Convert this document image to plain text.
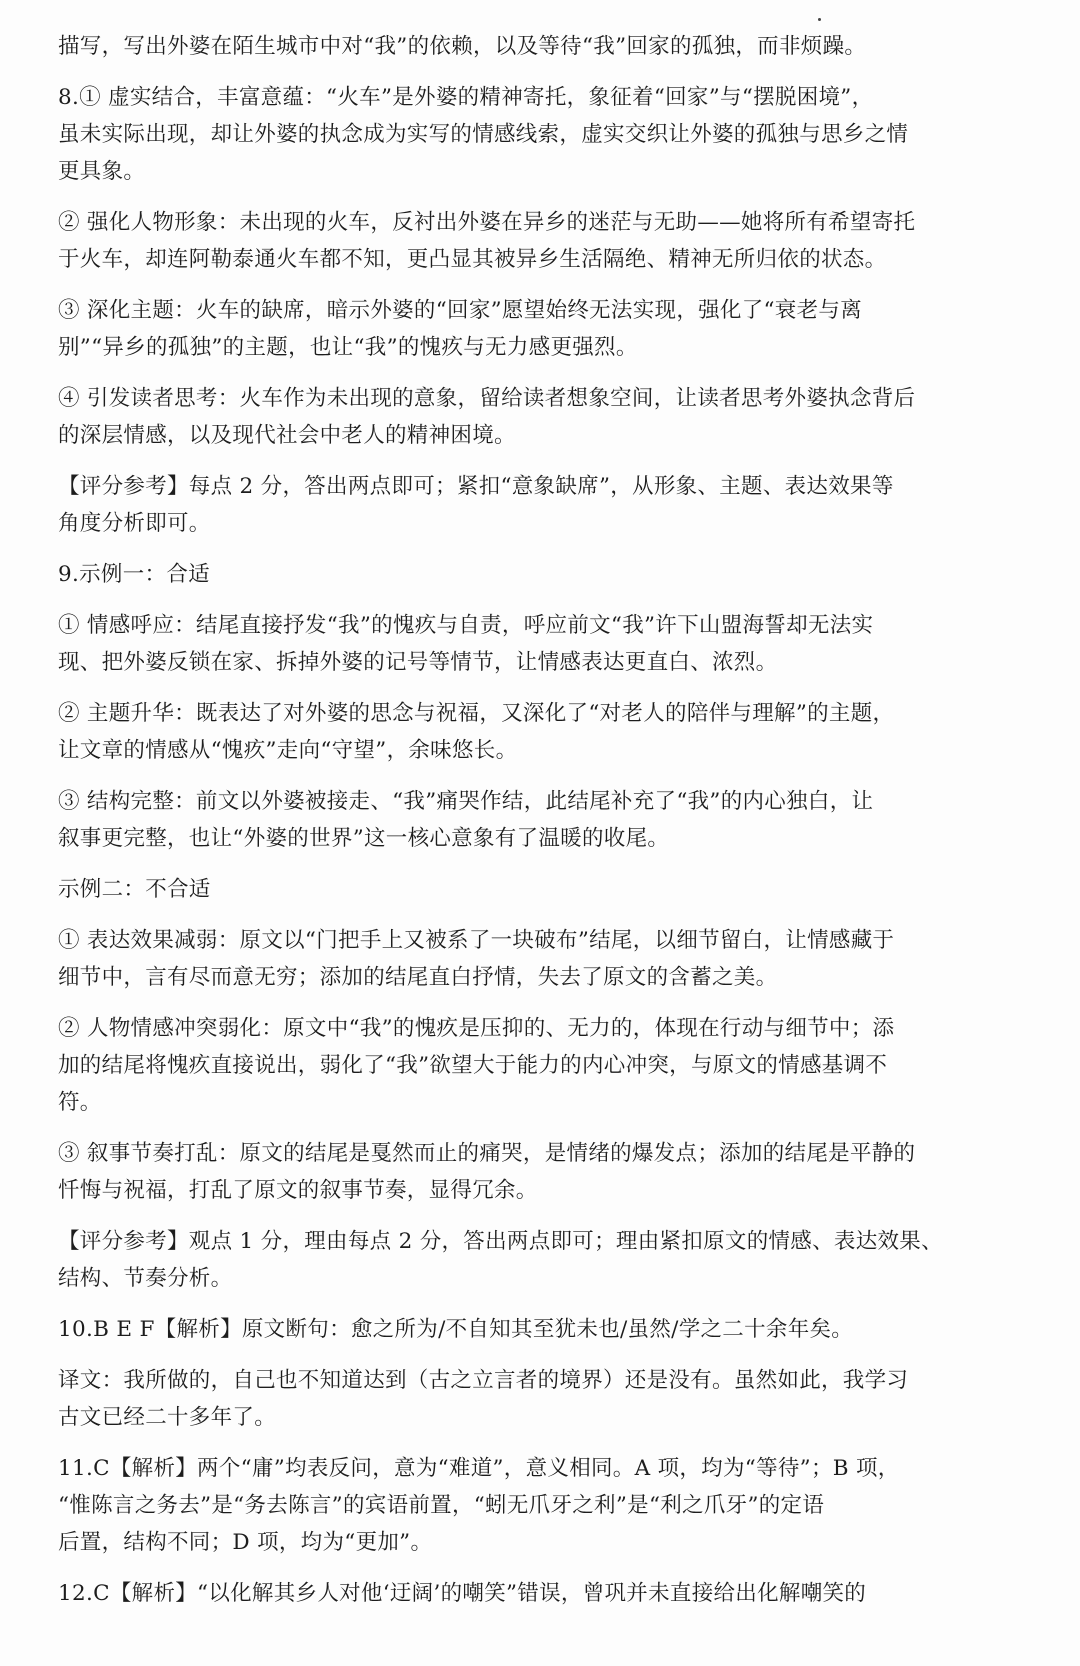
描写，写出外婆在陌生城市中对“我”的依赖，以及等待“我”回家的孤独，而非烦躁。

8.① 虚实结合，丰富意蕴：“火车”是外婆的精神寄托，象征着“回家”与“摆脱困境”，
虽未实际出现，却让外婆的执念成为实写的情感线索，虚实交织让外婆的孤独与思乡之情
更具象。

② 强化人物形象：未出现的火车，反衬出外婆在异乡的迷茫与无助——她将所有希望寄托
于火车，却连阿勒泰通火车都不知，更凸显其被异乡生活隔绝、精神无所归依的状态。

③ 深化主题：火车的缺席，暗示外婆的“回家”愿望始终无法实现，强化了“衰老与离
别”“异乡的孤独”的主题，也让“我”的愧疚与无力感更强烈。

④ 引发读者思考：火车作为未出现的意象，留给读者想象空间，让读者思考外婆执念背后
的深层情感，以及现代社会中老人的精神困境。

【评分参考】每点 2 分，答出两点即可；紧扣“意象缺席”，从形象、主题、表达效果等
角度分析即可。

9.示例一：合适

① 情感呼应：结尾直接抒发“我”的愧疚与自责，呼应前文“我”许下山盟海誓却无法实
现、把外婆反锁在家、拆掉外婆的记号等情节，让情感表达更直白、浓烈。

② 主题升华：既表达了对外婆的思念与祝福，又深化了“对老人的陪伴与理解”的主题，
让文章的情感从“愧疚”走向“守望”，余味悠长。

③ 结构完整：前文以外婆被接走、“我”痛哭作结，此结尾补充了“我”的内心独白，让
叙事更完整，也让“外婆的世界”这一核心意象有了温暖的收尾。

示例二：不合适

① 表达效果减弱：原文以“门把手上又被系了一块破布”结尾，以细节留白，让情感藏于
细节中，言有尽而意无穷；添加的结尾直白抒情，失去了原文的含蓄之美。

② 人物情感冲突弱化：原文中“我”的愧疚是压抑的、无力的，体现在行动与细节中；添
加的结尾将愧疚直接说出，弱化了“我”欲望大于能力的内心冲突，与原文的情感基调不
符。

③ 叙事节奏打乱：原文的结尾是戛然而止的痛哭，是情绪的爆发点；添加的结尾是平静的
忏悔与祝福，打乱了原文的叙事节奏，显得冗余。

【评分参考】观点 1 分，理由每点 2 分，答出两点即可；理由紧扣原文的情感、表达效果、
结构、节奏分析。

10.B E F【解析】原文断句：愈之所为/不自知其至犹未也/虽然/学之二十余年矣。

译文：我所做的，自己也不知道达到（古之立言者的境界）还是没有。虽然如此，我学习
古文已经二十多年了。

11.C【解析】两个“庸”均表反问，意为“难道”，意义相同。A 项，均为“等待”；B 项，
“惟陈言之务去”是“务去陈言”的宾语前置，“蚓无爪牙之利”是“利之爪牙”的定语
后置，结构不同；D 项，均为“更加”。

12.C【解析】“以化解其乡人对他‘迂阔’的嘲笑”错误，曾巩并未直接给出化解嘲笑的
